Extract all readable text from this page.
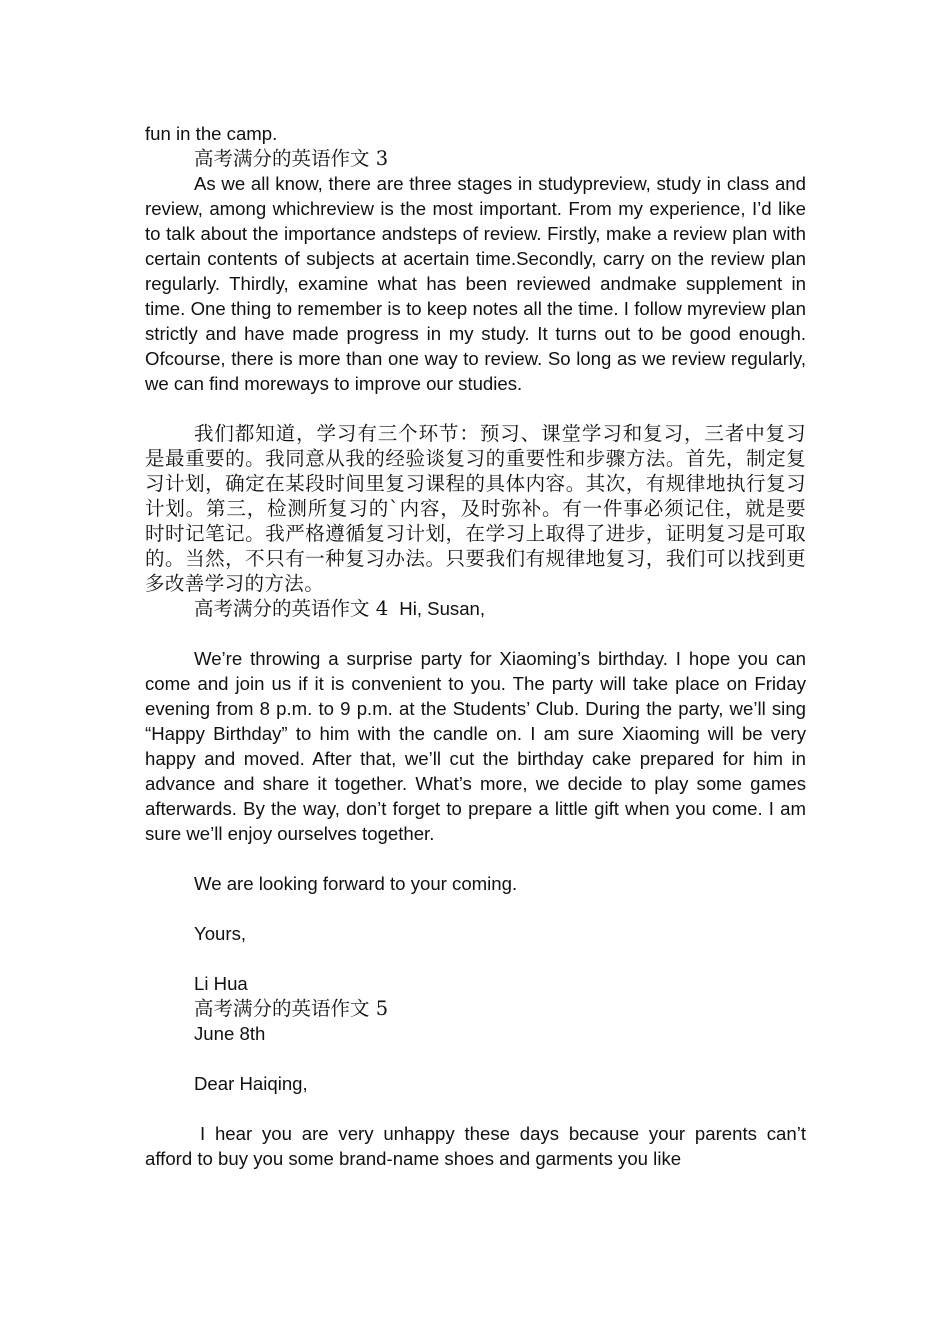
fun in the camp.

高考满分的英语作文 3

As we all know, there are three stages in studypreview, study in class and review, among whichreview is the most important. From my experience, I’d like to talk about the importance andsteps of review. Firstly, make a review plan with certain contents of subjects at acertain time.Secondly, carry on the review plan regularly. Thirdly, examine what has been reviewed andmake supplement in time. One thing to remember is to keep notes all the time. I follow myreview plan strictly and have made progress in my study. It turns out to be good enough. Ofcourse, there is more than one way to review. So long as we review regularly, we can find moreways to improve our studies.

我们都知道，学习有三个环节：预习、课堂学习和复习，三者中复习是最重要的。我同意从我的经验谈复习的重要性和步骤方法。首先，制定复习计划，确定在某段时间里复习课程的具体内容。其次，有规律地执行复习计划。第三，检测所复习的`内容，及时弥补。有一件事必须记住，就是要时时记笔记。我严格遵循复习计划，在学习上取得了进步，证明复习是可取的。当然，不只有一种复习办法。只要我们有规律地复习，我们可以找到更多改善学习的方法。

高考满分的英语作文 4 Hi, Susan,

We’re throwing a surprise party for Xiaoming’s birthday. I hope you can come and join us if it is convenient to you. The party will take place on Friday evening from 8 p.m. to 9 p.m. at the Students’ Club. During the party, we’ll sing “Happy Birthday” to him with the candle on. I am sure Xiaoming will be very happy and moved. After that, we’ll cut the birthday cake prepared for him in advance and share it together. What’s more, we decide to play some games afterwards. By the way, don’t forget to prepare a little gift when you come. I am sure we’ll enjoy ourselves together.

We are looking forward to your coming.

Yours,

Li Hua

高考满分的英语作文 5

June 8th

Dear Haiqing,

I hear you are very unhappy these days because your parents can’t afford to buy you some brand-name shoes and garments you like
